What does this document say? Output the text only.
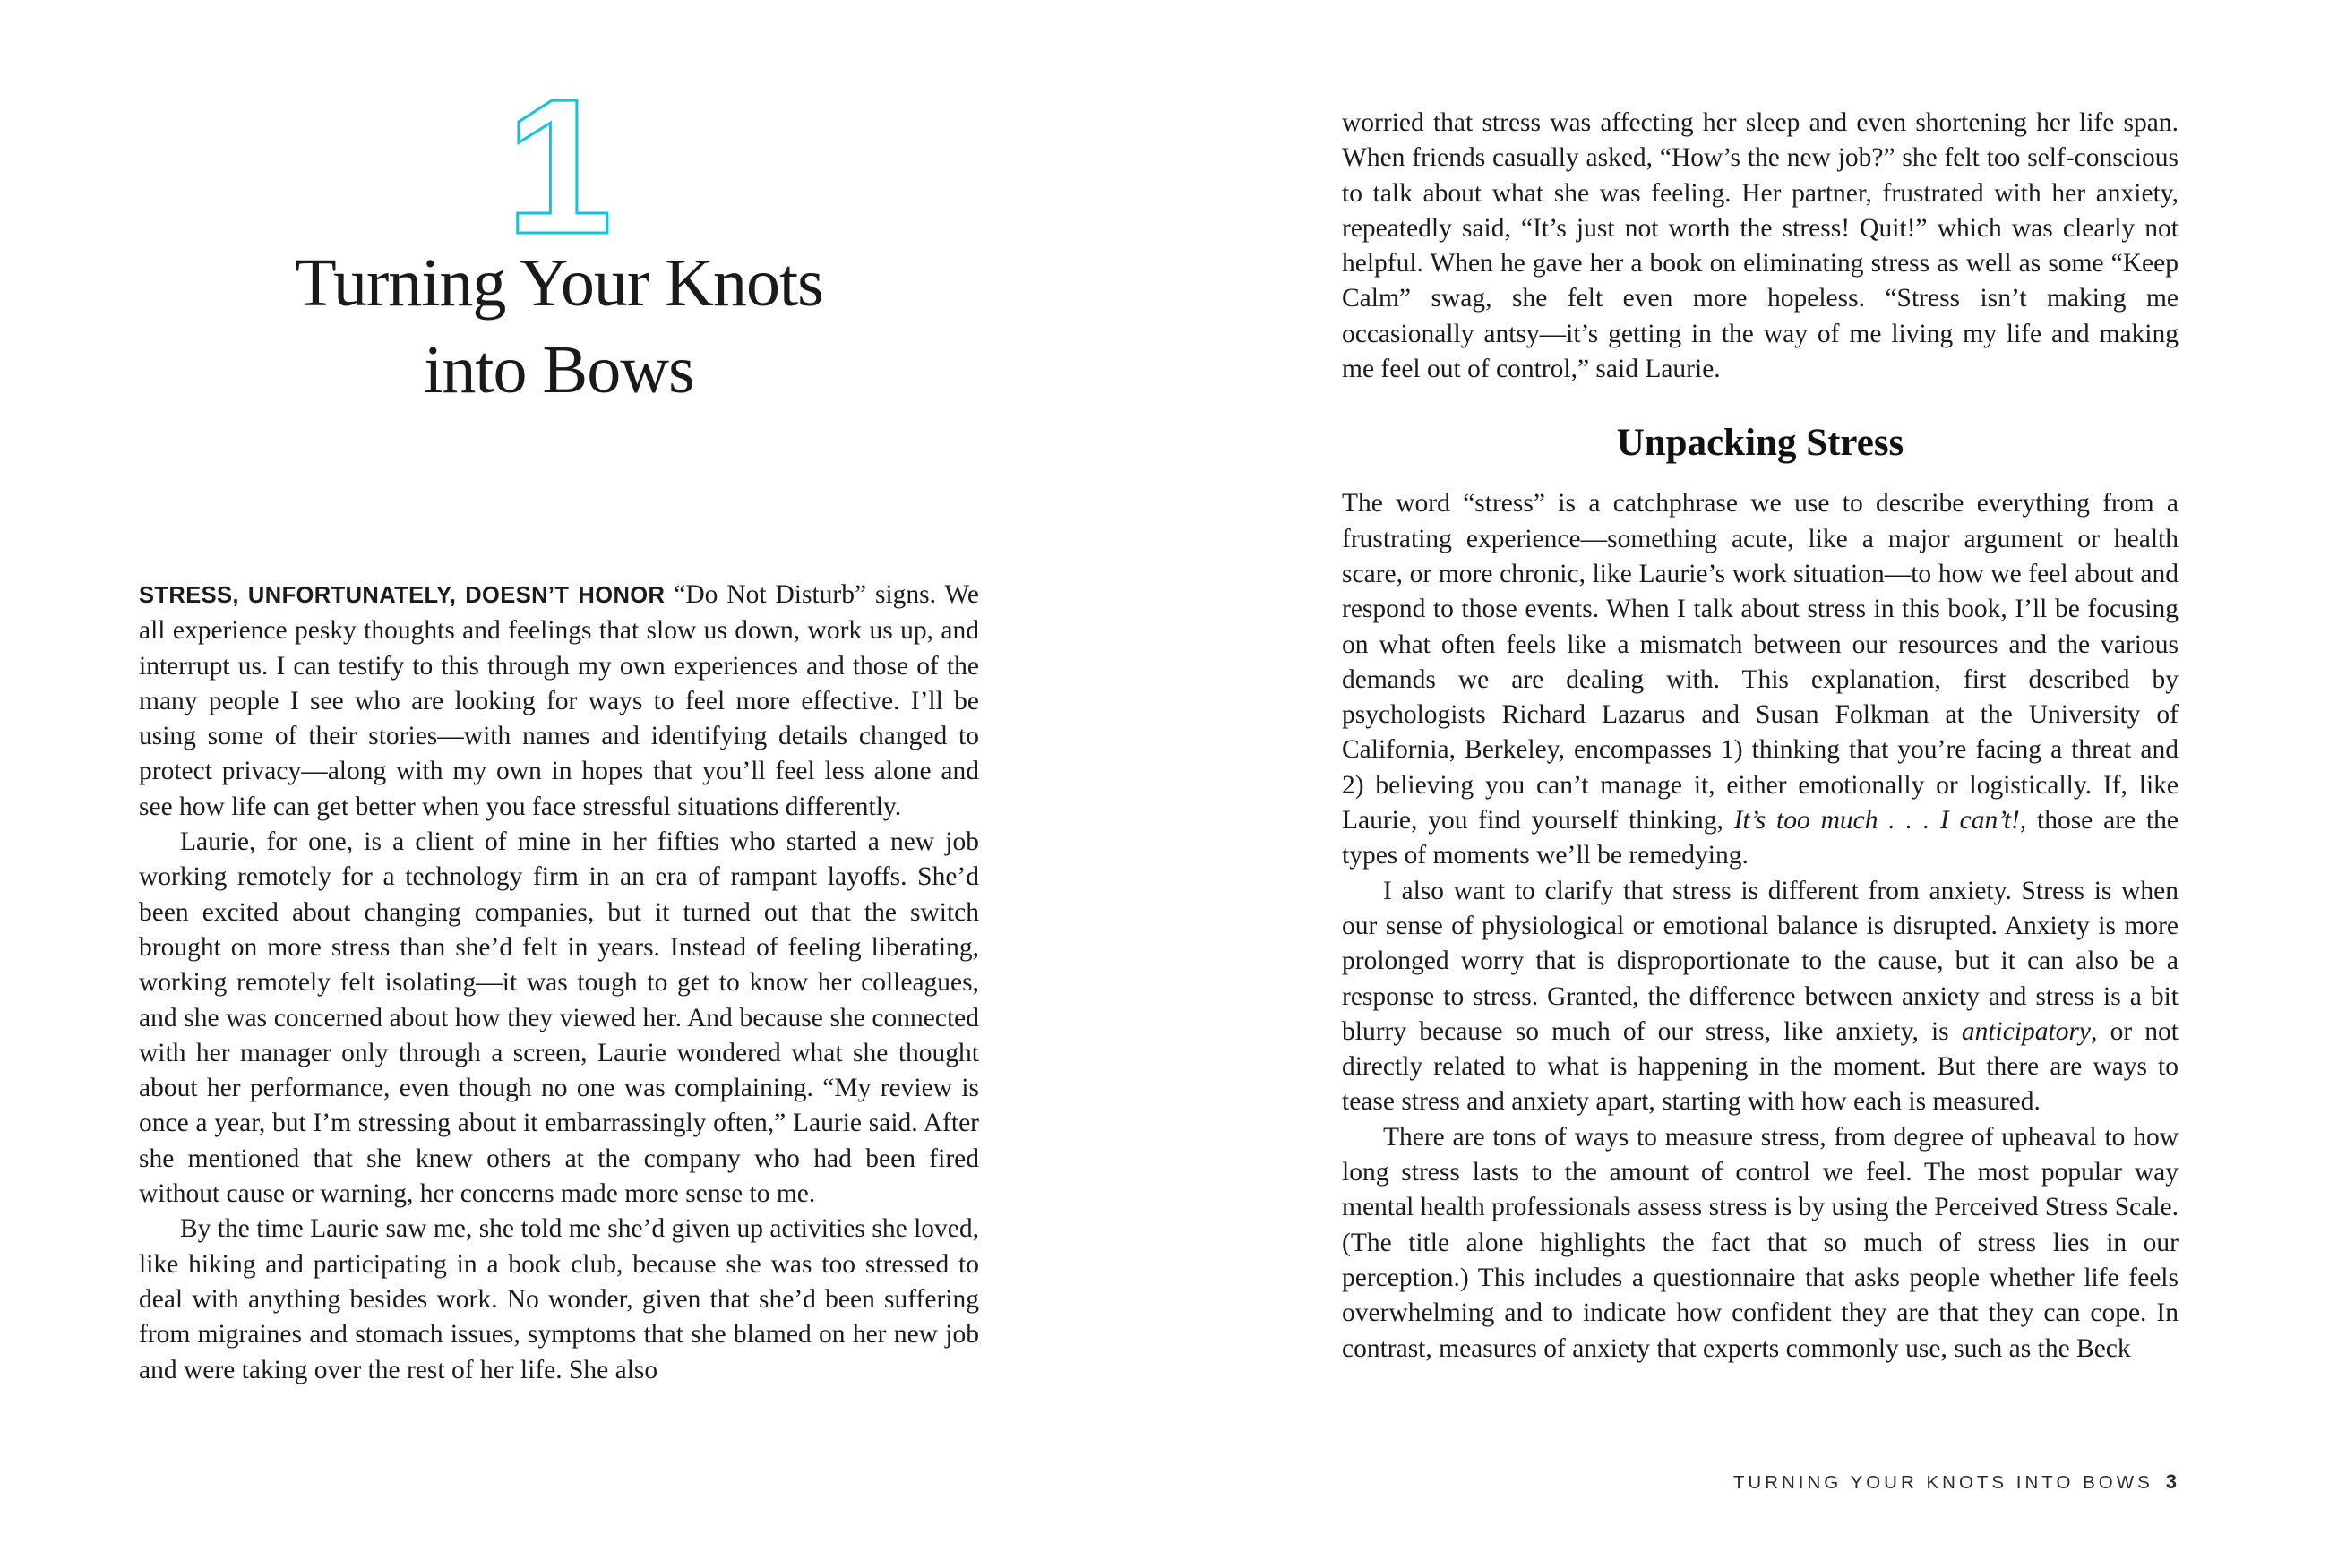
1
Turning Your Knots
into Bows

STRESS, UNFORTUNATELY, DOESN’T HONOR “Do Not Disturb” signs. We all experience pesky thoughts and feelings that slow us down, work us up, and interrupt us. I can testify to this through my own experiences and those of the many people I see who are looking for ways to feel more effective. I’ll be using some of their stories—with names and identifying details changed to protect privacy—along with my own in hopes that you’ll feel less alone and see how life can get better when you face stressful situations differently.

Laurie, for one, is a client of mine in her fifties who started a new job working remotely for a technology firm in an era of rampant layoffs. She’d been excited about changing companies, but it turned out that the switch brought on more stress than she’d felt in years. Instead of feeling liberating, working remotely felt isolating—it was tough to get to know her colleagues, and she was concerned about how they viewed her. And because she connected with her manager only through a screen, Laurie wondered what she thought about her performance, even though no one was complaining. “My review is once a year, but I’m stressing about it embarrassingly often,” Laurie said. After she mentioned that she knew others at the company who had been fired without cause or warning, her concerns made more sense to me.

By the time Laurie saw me, she told me she’d given up activities she loved, like hiking and participating in a book club, because she was too stressed to deal with anything besides work. No wonder, given that she’d been suffering from migraines and stomach issues, symptoms that she blamed on her new job and were taking over the rest of her life. She also

worried that stress was affecting her sleep and even shortening her life span. When friends casually asked, “How’s the new job?” she felt too self-conscious to talk about what she was feeling. Her partner, frustrated with her anxiety, repeatedly said, “It’s just not worth the stress! Quit!” which was clearly not helpful. When he gave her a book on eliminating stress as well as some “Keep Calm” swag, she felt even more hopeless. “Stress isn’t making me occasionally antsy—it’s getting in the way of me living my life and making me feel out of control,” said Laurie.

Unpacking Stress

The word “stress” is a catchphrase we use to describe everything from a frustrating experience—something acute, like a major argument or health scare, or more chronic, like Laurie’s work situation—to how we feel about and respond to those events. When I talk about stress in this book, I’ll be focusing on what often feels like a mismatch between our resources and the various demands we are dealing with. This explanation, first described by psychologists Richard Lazarus and Susan Folkman at the University of California, Berkeley, encompasses 1) thinking that you’re facing a threat and 2) believing you can’t manage it, either emotionally or logistically. If, like Laurie, you find yourself thinking, It’s too much . . . I can’t!, those are the types of moments we’ll be remedying.

I also want to clarify that stress is different from anxiety. Stress is when our sense of physiological or emotional balance is disrupted. Anxiety is more prolonged worry that is disproportionate to the cause, but it can also be a response to stress. Granted, the difference between anxiety and stress is a bit blurry because so much of our stress, like anxiety, is anticipatory, or not directly related to what is happening in the moment. But there are ways to tease stress and anxiety apart, starting with how each is measured.

There are tons of ways to measure stress, from degree of upheaval to how long stress lasts to the amount of control we feel. The most popular way mental health professionals assess stress is by using the Perceived Stress Scale. (The title alone highlights the fact that so much of stress lies in our perception.) This includes a questionnaire that asks people whether life feels overwhelming and to indicate how confident they are that they can cope. In contrast, measures of anxiety that experts commonly use, such as the Beck

TURNING YOUR KNOTS INTO BOWS 3
